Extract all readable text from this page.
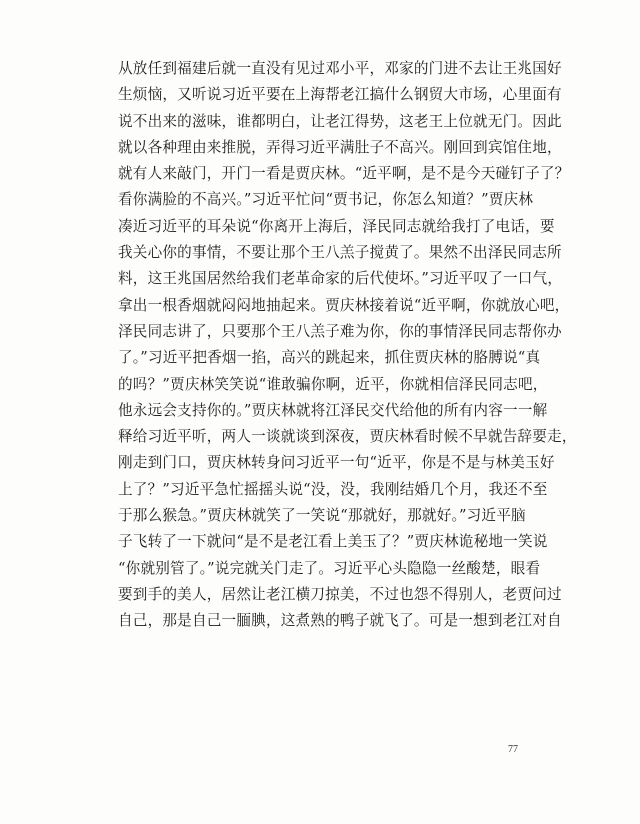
从放任到福建后就一直没有见过邓小平，邓家的门进不去让王兆国好
生烦恼，又听说习近平要在上海帮老江搞什么钢贸大市场，心里面有
说不出来的滋味，谁都明白，让老江得势，这老王上位就无门。因此
就以各种理由来推脱，弄得习近平满肚子不高兴。刚回到宾馆住地，
就有人来敲门，开门一看是贾庆林。“近平啊，是不是今天碰钉子了？
看你满脸的不高兴。”习近平忙问“贾书记，你怎么知道？”贾庆林
凑近习近平的耳朵说“你离开上海后，泽民同志就给我打了电话，要
我关心你的事情，不要让那个王八羔子搅黄了。果然不出泽民同志所
料，这王兆国居然给我们老革命家的后代使坏。”习近平叹了一口气，
拿出一根香烟就闷闷地抽起来。贾庆林接着说“近平啊，你就放心吧，
泽民同志讲了，只要那个王八羔子难为你，你的事情泽民同志帮你办
了。”习近平把香烟一掐，高兴的跳起来，抓住贾庆林的胳膊说“真
的吗？”贾庆林笑笑说“谁敢骗你啊，近平，你就相信泽民同志吧，
他永远会支持你的。”贾庆林就将江泽民交代给他的所有内容一一解
释给习近平听，两人一谈就谈到深夜，贾庆林看时候不早就告辞要走，
刚走到门口，贾庆林转身问习近平一句“近平，你是不是与林美玉好
上了？”习近平急忙摇摇头说“没，没，我刚结婚几个月，我还不至
于那么猴急。”贾庆林就笑了一笑说“那就好，那就好。”习近平脑
子飞转了一下就问“是不是老江看上美玉了？”贾庆林诡秘地一笑说
“你就别管了。”说完就关门走了。习近平心头隐隐一丝酸楚，眼看
要到手的美人，居然让老江横刀掠美，不过也怨不得别人，老贾问过
自己，那是自己一腼腆，这煮熟的鸭子就飞了。可是一想到老江对自
77
